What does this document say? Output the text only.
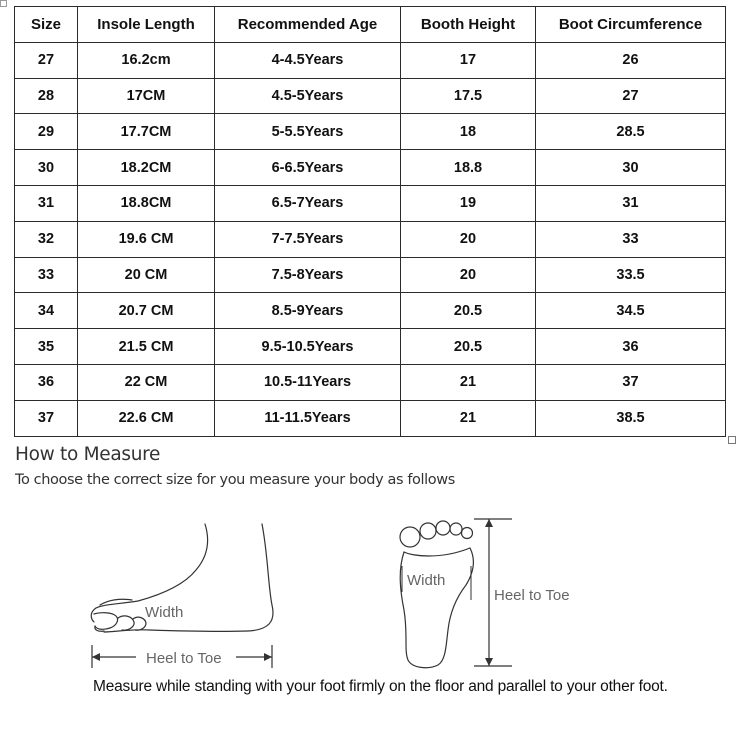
Size	Insole Length	Recommended Age	Booth Height	Boot Circumference
27	16.2cm	4-4.5Years	17	26
28	17CM	4.5-5Years	17.5	27
29	17.7CM	5-5.5Years	18	28.5
30	18.2CM	6-6.5Years	18.8	30
31	18.8CM	6.5-7Years	19	31
32	19.6 CM	7-7.5Years	20	33
33	20 CM	7.5-8Years	20	33.5
34	20.7 CM	8.5-9Years	20.5	34.5
35	21.5 CM	9.5-10.5Years	20.5	36
36	22 CM	10.5-11Years	21	37
37	22.6 CM	11-11.5Years	21	38.5
How to Measure
To choose the correct size for you measure your body as follows
Width
Heel to Toe
Width
Heel to Toe
Measure while standing with your foot firmly on the floor and parallel to your other foot.
